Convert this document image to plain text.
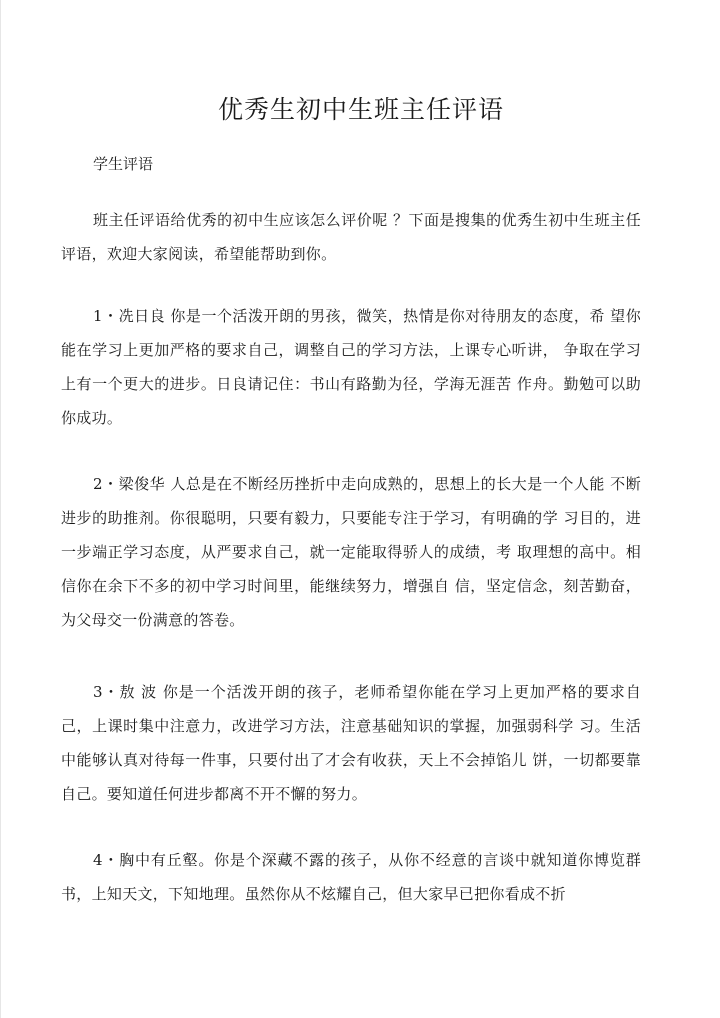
优秀生初中生班主任评语

学生评语

班主任评语给优秀的初中生应该怎么评价呢 ？下面是搜集的优秀生初中生班主任评语，欢迎大家阅读，希望能帮助到你。

1・冼日良 你是一个活泼开朗的男孩，微笑，热情是你对待朋友的态度，希 望你能在学习上更加严格的要求自己，调整自己的学习方法，上课专心听讲， 争取在学习上有一个更大的进步。日良请记住：书山有路勤为径，学海无涯苦 作舟。勤勉可以助你成功。

2・梁俊华 人总是在不断经历挫折中走向成熟的，思想上的长大是一个人能 不断进步的助推剂。你很聪明，只要有毅力，只要能专注于学习，有明确的学 习目的，进一步端正学习态度，从严要求自己，就一定能取得骄人的成绩，考 取理想的高中。相信你在余下不多的初中学习时间里，能继续努力，增强自 信，坚定信念，刻苦勤奋，为父母交一份满意的答卷。

3・敖 波 你是一个活泼开朗的孩子，老师希望你能在学习上更加严格的要求自己，上课时集中注意力，改进学习方法，注意基础知识的掌握，加强弱科学 习。生活中能够认真对待每一件事，只要付出了才会有收获，天上不会掉馅儿 饼，一切都要靠自己。要知道任何进步都离不开不懈的努力。

4・胸中有丘壑。你是个深藏不露的孩子，从你不经意的言谈中就知道你博览群书，上知天文，下知地理。虽然你从不炫耀自己，但大家早已把你看成不折
